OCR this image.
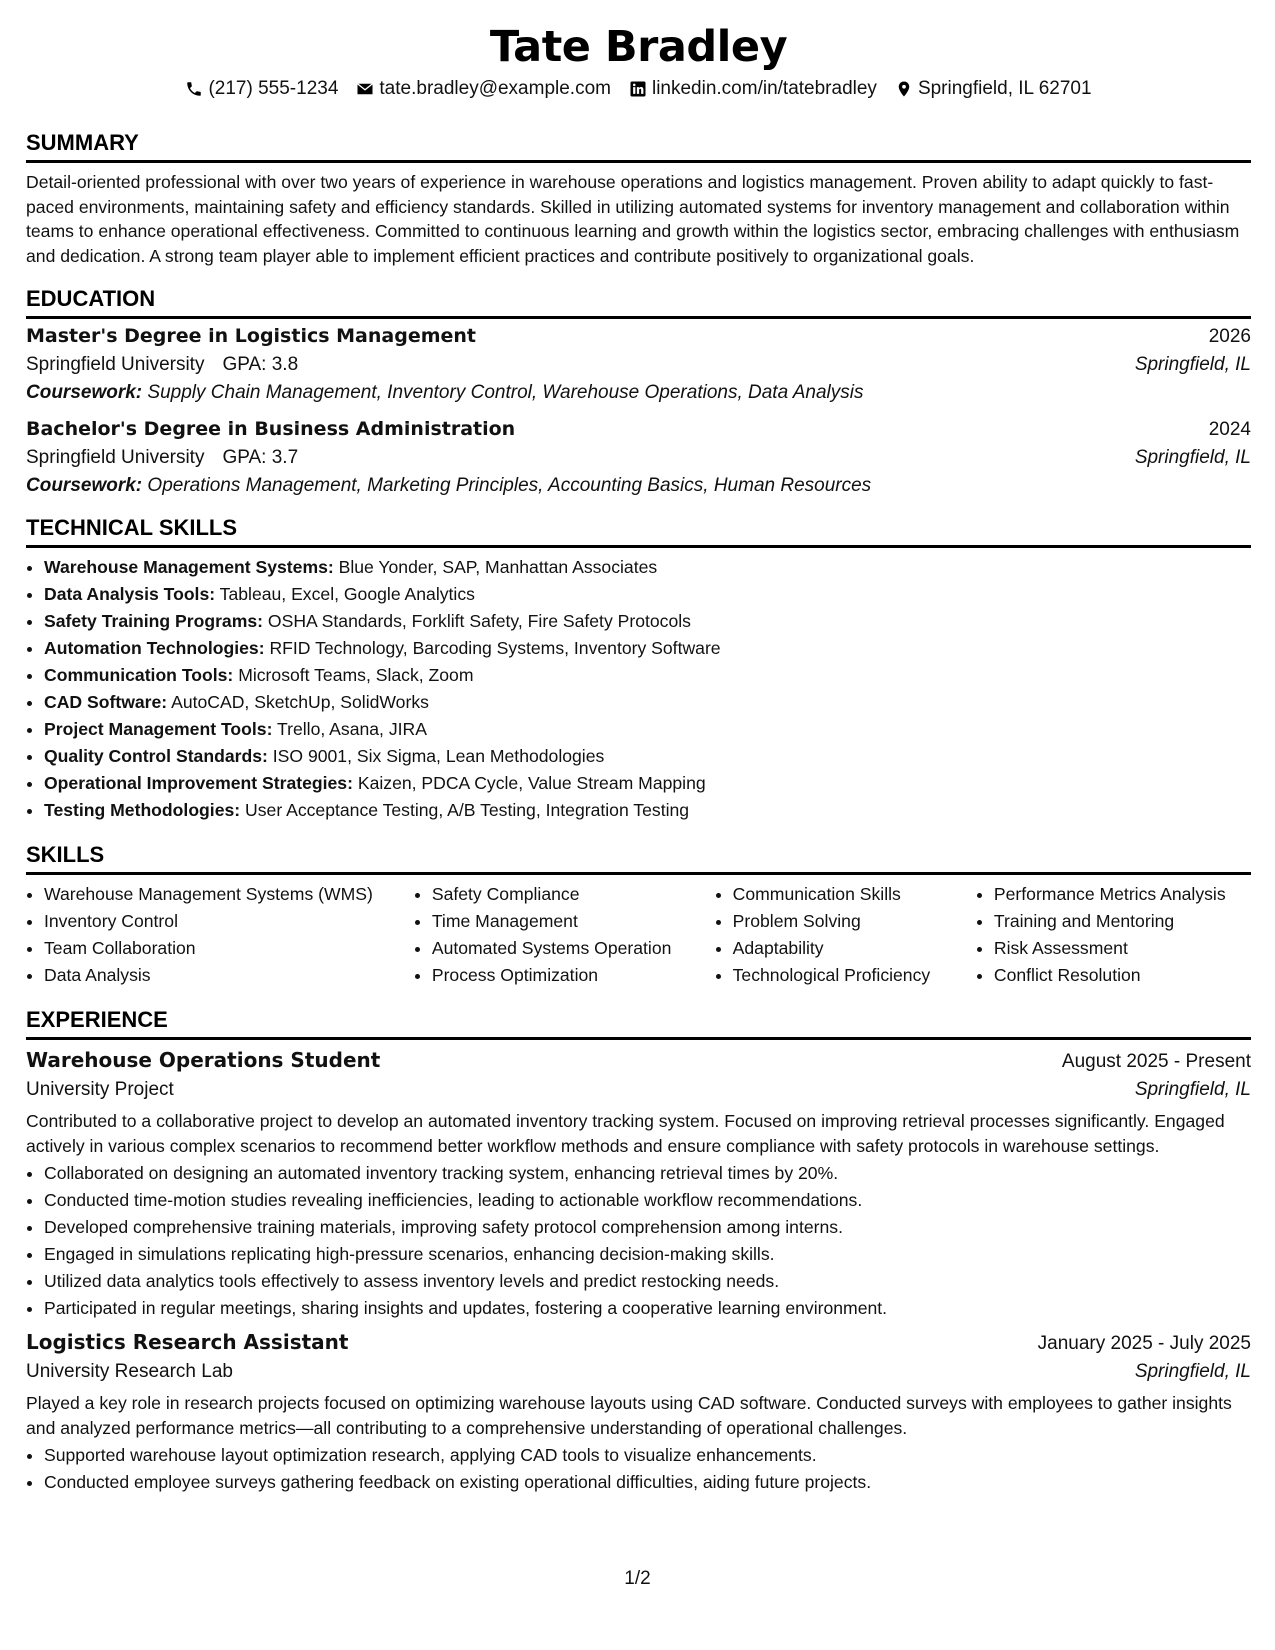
Tate Bradley
(217) 555-1234 tate.bradley@example.com linkedin.com/in/tatebradley Springfield, IL 62701
SUMMARY

Detail-oriented professional with over two years of experience in warehouse operations and logistics management. Proven ability to adapt quickly to fast-paced environments, maintaining safety and efficiency standards. Skilled in utilizing automated systems for inventory management and collaboration within teams to enhance operational effectiveness. Committed to continuous learning and growth within the logistics sector, embracing challenges with enthusiasm and dedication. A strong team player able to implement efficient practices and contribute positively to organizational goals.

EDUCATION
Master's Degree in Logistics Management	2026
Springfield University GPA: 3.8	Springfield, IL
Coursework: Supply Chain Management, Inventory Control, Warehouse Operations, Data Analysis
Bachelor's Degree in Business Administration	2024
Springfield University GPA: 3.7	Springfield, IL
Coursework: Operations Management, Marketing Principles, Accounting Basics, Human Resources
TECHNICAL SKILLS
• Warehouse Management Systems: Blue Yonder, SAP, Manhattan Associates
• Data Analysis Tools: Tableau, Excel, Google Analytics
• Safety Training Programs: OSHA Standards, Forklift Safety, Fire Safety Protocols
• Automation Technologies: RFID Technology, Barcoding Systems, Inventory Software
• Communication Tools: Microsoft Teams, Slack, Zoom
• CAD Software: AutoCAD, SketchUp, SolidWorks
• Project Management Tools: Trello, Asana, JIRA
• Quality Control Standards: ISO 9001, Six Sigma, Lean Methodologies
• Operational Improvement Strategies: Kaizen, PDCA Cycle, Value Stream Mapping
• Testing Methodologies: User Acceptance Testing, A/B Testing, Integration Testing
SKILLS
• Warehouse Management Systems (WMS)
• Inventory Control
• Team Collaboration
• Data Analysis
• Safety Compliance
• Time Management
• Automated Systems Operation
• Process Optimization
• Communication Skills
• Problem Solving
• Adaptability
• Technological Proficiency
• Performance Metrics Analysis
• Training and Mentoring
• Risk Assessment
• Conflict Resolution
EXPERIENCE
Warehouse Operations Student	August 2025 - Present
University Project	Springfield, IL
Contributed to a collaborative project to develop an automated inventory tracking system. Focused on improving retrieval processes significantly. Engaged actively in various complex scenarios to recommend better workflow methods and ensure compliance with safety protocols in warehouse settings.
• Collaborated on designing an automated inventory tracking system, enhancing retrieval times by 20%.
• Conducted time-motion studies revealing inefficiencies, leading to actionable workflow recommendations.
• Developed comprehensive training materials, improving safety protocol comprehension among interns.
• Engaged in simulations replicating high-pressure scenarios, enhancing decision-making skills.
• Utilized data analytics tools effectively to assess inventory levels and predict restocking needs.
• Participated in regular meetings, sharing insights and updates, fostering a cooperative learning environment.
Logistics Research Assistant	January 2025 - July 2025
University Research Lab	Springfield, IL
Played a key role in research projects focused on optimizing warehouse layouts using CAD software. Conducted surveys with employees to gather insights and analyzed performance metrics—all contributing to a comprehensive understanding of operational challenges.
• Supported warehouse layout optimization research, applying CAD tools to visualize enhancements.
• Conducted employee surveys gathering feedback on existing operational difficulties, aiding future projects.
1/2
